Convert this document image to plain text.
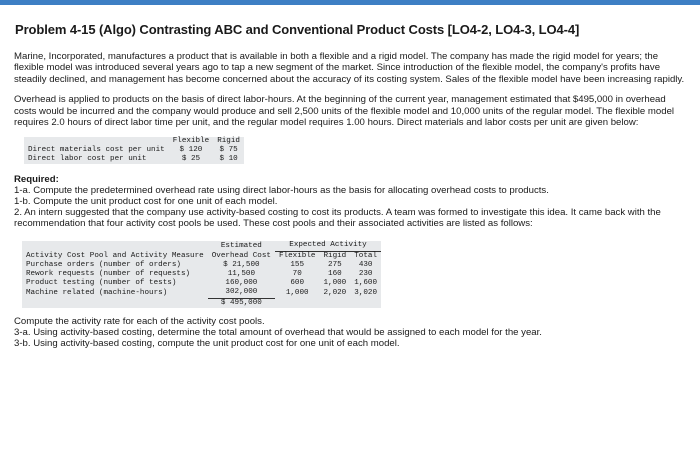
Problem 4-15 (Algo) Contrasting ABC and Conventional Product Costs [LO4-2, LO4-3, LO4-4]

Marine, Incorporated, manufactures a product that is available in both a flexible and a rigid model. The company has made the rigid model for years; the flexible model was introduced several years ago to tap a new segment of the market. Since introduction of the flexible model, the company's profits have steadily declined, and management has become concerned about the accuracy of its costing system. Sales of the flexible model have been increasing rapidly.

Overhead is applied to products on the basis of direct labor-hours. At the beginning of the current year, management estimated that $495,000 in overhead costs would be incurred and the company would produce and sell 2,500 units of the flexible model and 10,000 units of the regular model. The flexible model requires 2.0 hours of direct labor time per unit, and the regular model requires 1.00 hours. Direct materials and labor costs per unit are given below:

	Flexible	Rigid
Direct materials cost per unit	$ 120	$ 75
Direct labor cost per unit	$ 25	$ 10
Required:

1-a. Compute the predetermined overhead rate using direct labor-hours as the basis for allocating overhead costs to products.

1-b. Compute the unit product cost for one unit of each model.

2. An intern suggested that the company use activity-based costing to cost its products. A team was formed to investigate this idea. It came back with the recommendation that four activity cost pools be used. These cost pools and their associated activities are listed as follows:

	Estimated	Expected Activity		
Activity Cost Pool and Activity Measure	Overhead Cost	Flexible	Rigid	Total
Purchase orders (number of orders)	$ 21,500	155	275	430
Rework requests (number of requests)	11,500	70	160	230
Product testing (number of tests)	160,000	600	1,000	1,600
Machine related (machine-hours)	302,000	1,000	2,020	3,020
	$ 495,000			

Compute the activity rate for each of the activity cost pools.

3-a. Using activity-based costing, determine the total amount of overhead that would be assigned to each model for the year.

3-b. Using activity-based costing, compute the unit product cost for one unit of each model.
